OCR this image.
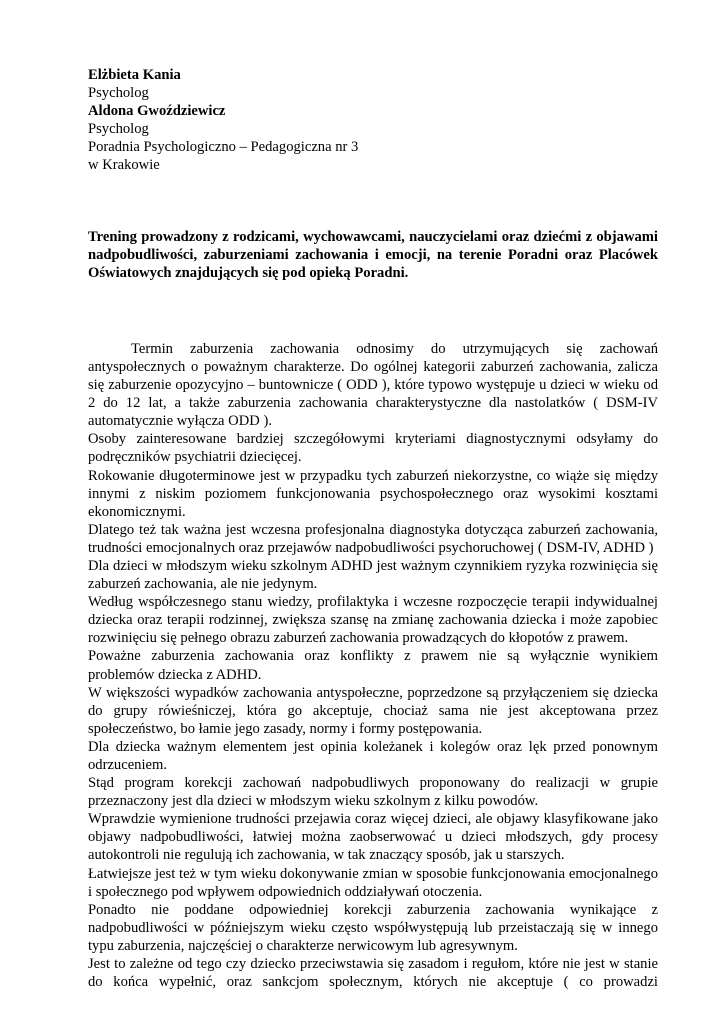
Elżbieta Kania
Psycholog
Aldona Gwoździewicz
Psycholog
Poradnia Psychologiczno – Pedagogiczna nr 3
w Krakowie
Trening prowadzony z rodzicami, wychowawcami, nauczycielami oraz dziećmi z objawami nadpobudliwości, zaburzeniami zachowania i emocji, na terenie Poradni oraz Placówek Oświatowych znajdujących się pod opieką Poradni.

Termin zaburzenia zachowania odnosimy do utrzymujących się zachowań antyspołecznych o poważnym charakterze. Do ogólnej kategorii zaburzeń zachowania, zalicza się zaburzenie opozycyjno – buntownicze ( ODD ), które typowo występuje u dzieci w wieku od 2 do 12 lat, a także zaburzenia zachowania charakterystyczne dla nastolatków ( DSM-IV automatycznie wyłącza ODD ).

Osoby zainteresowane bardziej szczegółowymi kryteriami diagnostycznymi odsyłamy do podręczników psychiatrii dziecięcej.

Rokowanie długoterminowe jest w przypadku tych zaburzeń niekorzystne, co wiąże się między innymi z niskim poziomem funkcjonowania psychospołecznego oraz wysokimi kosztami ekonomicznymi.

Dlatego też tak ważna jest wczesna profesjonalna diagnostyka dotycząca zaburzeń zachowania, trudności emocjonalnych oraz przejawów nadpobudliwości psychoruchowej ( DSM-IV, ADHD )

Dla dzieci w młodszym wieku szkolnym ADHD jest ważnym czynnikiem ryzyka rozwinięcia się zaburzeń zachowania, ale nie jedynym.

Według współczesnego stanu wiedzy, profilaktyka i wczesne rozpoczęcie terapii indywidualnej dziecka oraz terapii rodzinnej, zwiększa szansę na zmianę zachowania dziecka i może zapobiec rozwinięciu się pełnego obrazu zaburzeń zachowania prowadzących do kłopotów z prawem.

Poważne zaburzenia zachowania oraz konflikty z prawem nie są wyłącznie wynikiem problemów dziecka z ADHD.

W większości wypadków zachowania antyspołeczne, poprzedzone są przyłączeniem się dziecka do grupy rówieśniczej, która go akceptuje, chociaż sama nie jest akceptowana przez społeczeństwo, bo łamie jego zasady, normy i formy postępowania.

Dla dziecka ważnym elementem jest opinia koleżanek i kolegów oraz lęk przed ponownym odrzuceniem.

Stąd program korekcji zachowań nadpobudliwych proponowany do realizacji w grupie przeznaczony jest dla dzieci w młodszym wieku szkolnym z kilku powodów.

Wprawdzie wymienione trudności przejawia coraz więcej dzieci, ale objawy klasyfikowane jako objawy nadpobudliwości, łatwiej można zaobserwować u dzieci młodszych, gdy procesy autokontroli nie regulują ich zachowania, w tak znaczący sposób, jak u starszych.

Łatwiejsze jest też w tym wieku dokonywanie zmian w sposobie funkcjonowania emocjonalnego i społecznego pod wpływem odpowiednich oddziaływań otoczenia.

Ponadto nie poddane odpowiedniej korekcji zaburzenia zachowania wynikające z nadpobudliwości w późniejszym wieku często współwystępują lub przeistaczają się w innego typu zaburzenia, najczęściej o charakterze nerwicowym lub agresywnym.

Jest to zależne od tego czy dziecko przeciwstawia się zasadom i regułom, które nie jest w stanie do końca wypełnić, oraz sankcjom społecznym, których nie akceptuje ( co prowadzi
